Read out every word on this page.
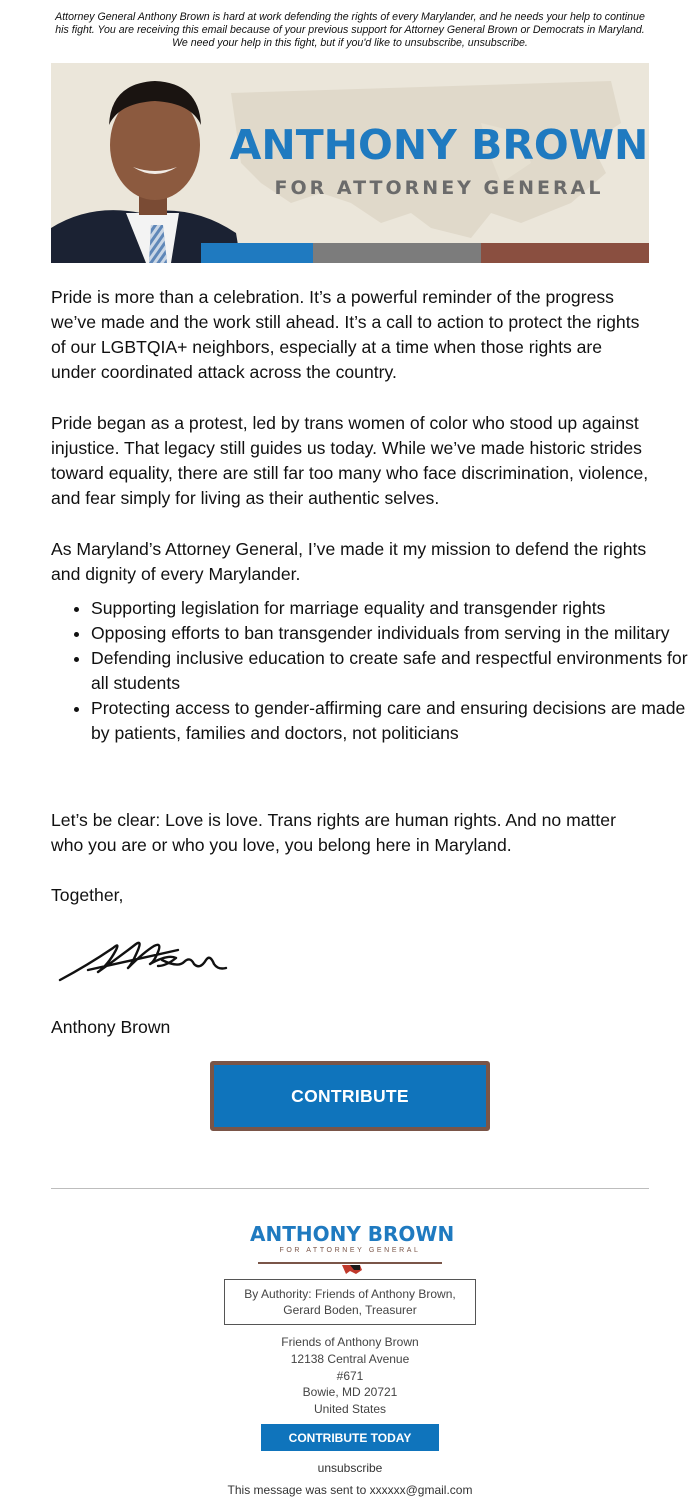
Attorney General Anthony Brown is hard at work defending the rights of every Marylander, and he needs your help to continue his fight. You are receiving this email because of your previous support for Attorney General Brown or Democrats in Maryland. We need your help in this fight, but if you'd like to unsubscribe, unsubscribe.
ANTHONY BROWN
FOR ATTORNEY GENERAL
Pride is more than a celebration. It’s a powerful reminder of the progress we’ve made and the work still ahead. It’s a call to action to protect the rights of our LGBTQIA+ neighbors, especially at a time when those rights are under coordinated attack across the country.
Pride began as a protest, led by trans women of color who stood up against injustice. That legacy still guides us today. While we’ve made historic strides toward equality, there are still far too many who face discrimination, violence, and fear simply for living as their authentic selves.
As Maryland’s Attorney General, I’ve made it my mission to defend the rights and dignity of every Marylander.
• Supporting legislation for marriage equality and transgender rights
• Opposing efforts to ban transgender individuals from serving in the military
• Defending inclusive education to create safe and respectful environments for all students
• Protecting access to gender-affirming care and ensuring decisions are made by patients, families and doctors, not politicians
Let’s be clear: Love is love. Trans rights are human rights. And no matter who you are or who you love, you belong here in Maryland.
Together,
Anthony Brown
CONTRIBUTE
ANTHONY BROWN
FOR ATTORNEY GENERAL
By Authority: Friends of Anthony Brown,
Gerard Boden, Treasurer
Friends of Anthony Brown
12138 Central Avenue
#671
Bowie, MD 20721
United States
CONTRIBUTE TODAY
unsubscribe
This message was sent to xxxxxx@gmail.com
